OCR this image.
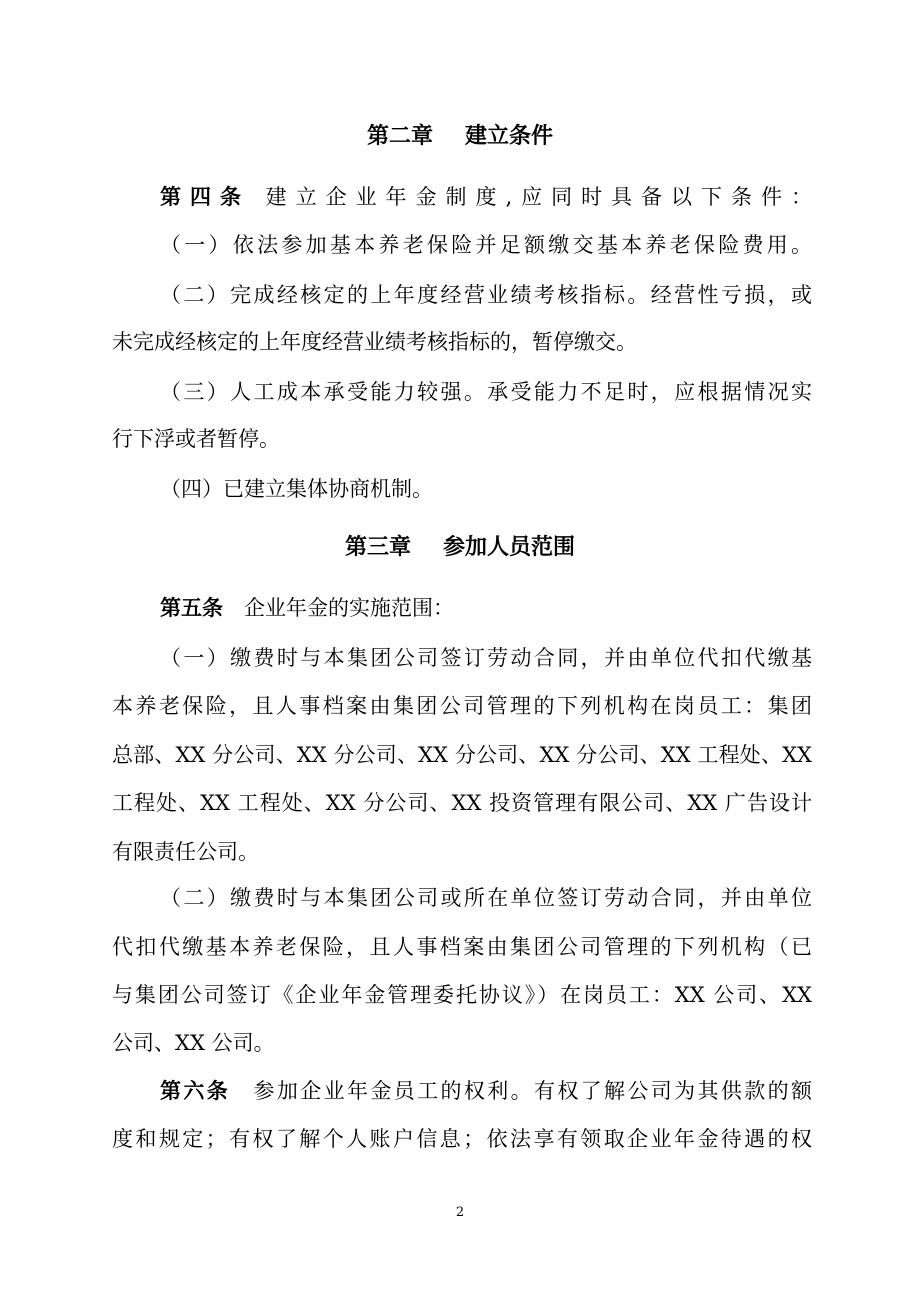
第二章 建立条件
第四条 建立企业年金制度,应同时具备以下条件：
（一）依法参加基本养老保险并足额缴交基本养老保险费用。
（二）完成经核定的上年度经营业绩考核指标。经营性亏损，或
未完成经核定的上年度经营业绩考核指标的，暂停缴交。
（三）人工成本承受能力较强。承受能力不足时，应根据情况实
行下浮或者暂停。
（四）已建立集体协商机制。
第三章 参加人员范围
第五条　 企业年金的实施范围：
（一）缴费时与本集团公司签订劳动合同，并由单位代扣代缴基
本养老保险，且人事档案由集团公司管理的下列机构在岗员工：集团
总部、XX 分公司、XX 分公司、XX 分公司、XX 分公司、XX 工程处、XX
工程处、XX 工程处、XX 分公司、XX 投资管理有限公司、XX 广告设计
有限责任公司。
（二）缴费时与本集团公司或所在单位签订劳动合同，并由单位
代扣代缴基本养老保险，且人事档案由集团公司管理的下列机构（已
与集团公司签订《企业年金管理委托协议》）在岗员工：XX 公司、XX
公司、XX 公司。
第六条　 参加企业年金员工的权利。有权了解公司为其供款的额
度和规定；有权了解个人账户信息；依法享有领取企业年金待遇的权
2
